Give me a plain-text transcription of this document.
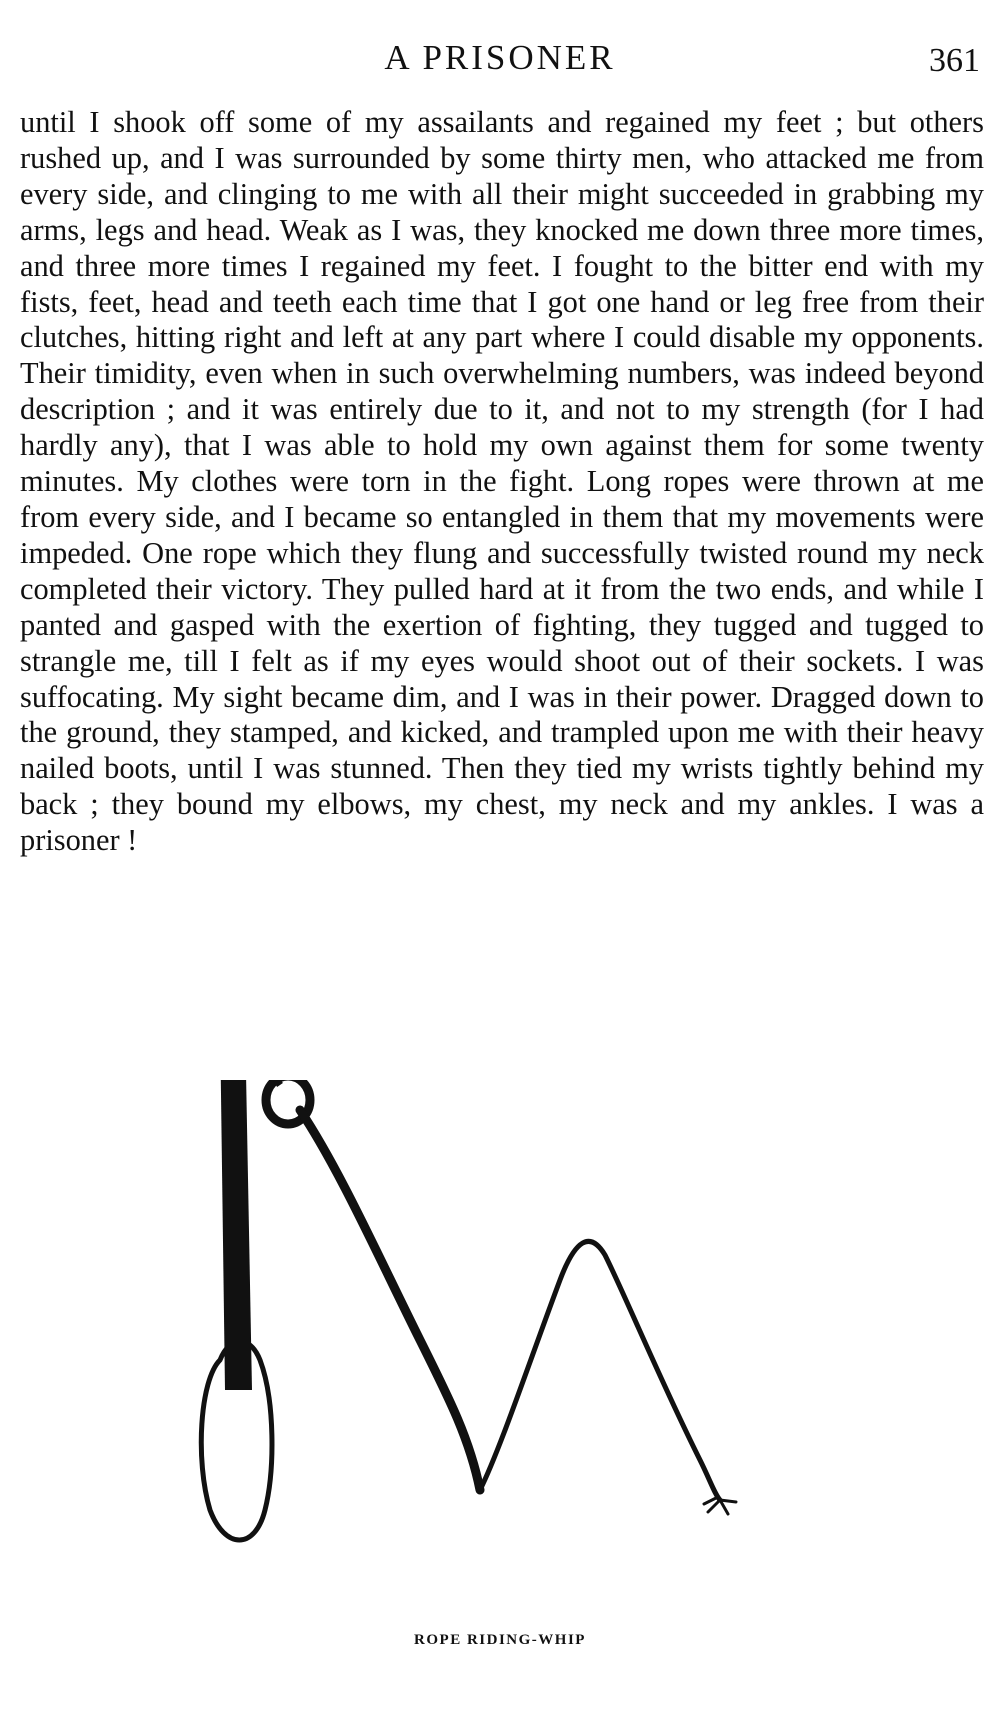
A PRISONER	361

until I shook off some of my assailants and regained my feet ; but others rushed up, and I was surrounded by some thirty men, who attacked me from every side, and clinging to me with all their might succeeded in grabbing my arms, legs and head. Weak as I was, they knocked me down three more times, and three more times I regained my feet. I fought to the bitter end with my fists, feet, head and teeth each time that I got one hand or leg free from their clutches, hitting right and left at any part where I could disable my opponents. Their timidity, even when in such overwhelming numbers, was indeed beyond description ; and it was entirely due to it, and not to my strength (for I had hardly any), that I was able to hold my own against them for some twenty minutes. My clothes were torn in the fight. Long ropes were thrown at me from every side, and I became so entangled in them that my movements were impeded. One rope which they flung and successfully twisted round my neck completed their victory. They pulled hard at it from the two ends, and while I panted and gasped with the exertion of fighting, they tugged and tugged to strangle me, till I felt as if my eyes would shoot out of their sockets. I was suffocating. My sight became dim, and I was in their power. Dragged down to the ground, they stamped, and kicked, and trampled upon me with their heavy nailed boots, until I was stunned. Then they tied my wrists tightly behind my back ; they bound my elbows, my chest, my neck and my ankles. I was a prisoner !

ROPE RIDING-WHIP
